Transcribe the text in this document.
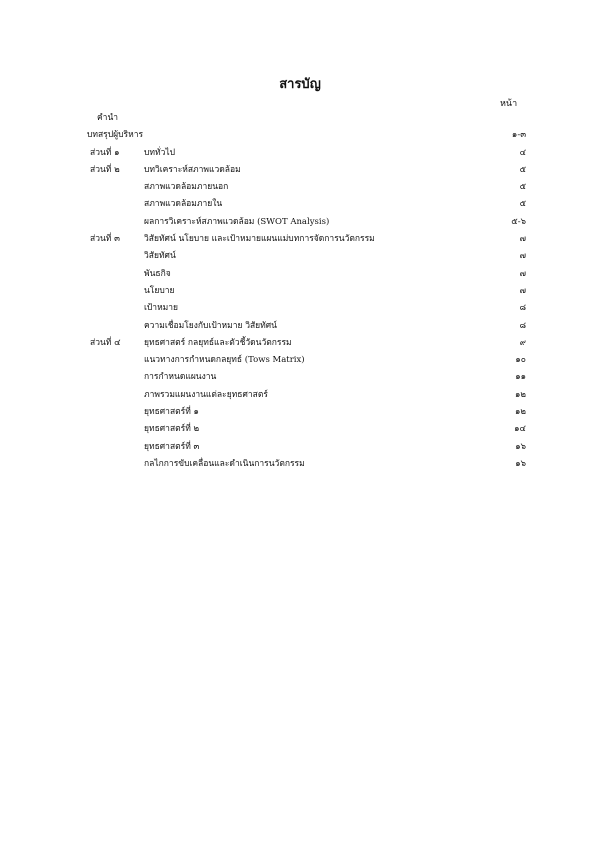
สารบัญ
หน้า
คำนำ
บทสรุปผู้บริหาร	๑-๓
ส่วนที่ ๑	บททั่วไป	๔
ส่วนที่ ๒	บทวิเคราะห์สภาพแวดล้อม	๕
สภาพแวดล้อมภายนอก	๕
สภาพแวดล้อมภายใน	๕
ผลการวิเคราะห์สภาพแวดล้อม (SWOT Analysis)	๕-๖
ส่วนที่ ๓	วิสัยทัศน์ นโยบาย และเป้าหมายแผนแม่บทการจัดการนวัตกรรม	๗
วิสัยทัศน์	๗
พันธกิจ	๗
นโยบาย	๗
เป้าหมาย	๘
ความเชื่อมโยงกับเป้าหมาย วิสัยทัศน์	๘
ส่วนที่ ๔	ยุทธศาสตร์ กลยุทธ์และตัวชี้วัดนวัตกรรม	๙
แนวทางการกำหนดกลยุทธ์ (Tows Matrix)	๑๐
การกำหนดแผนงาน	๑๑
ภาพรวมแผนงานแต่ละยุทธศาสตร์	๑๒
ยุทธศาสตร์ที่ ๑	๑๒
ยุทธศาสตร์ที่ ๒	๑๔
ยุทธศาสตร์ที่ ๓	๑๖
กลไกการขับเคลื่อนและดำเนินการนวัตกรรม	๑๖
